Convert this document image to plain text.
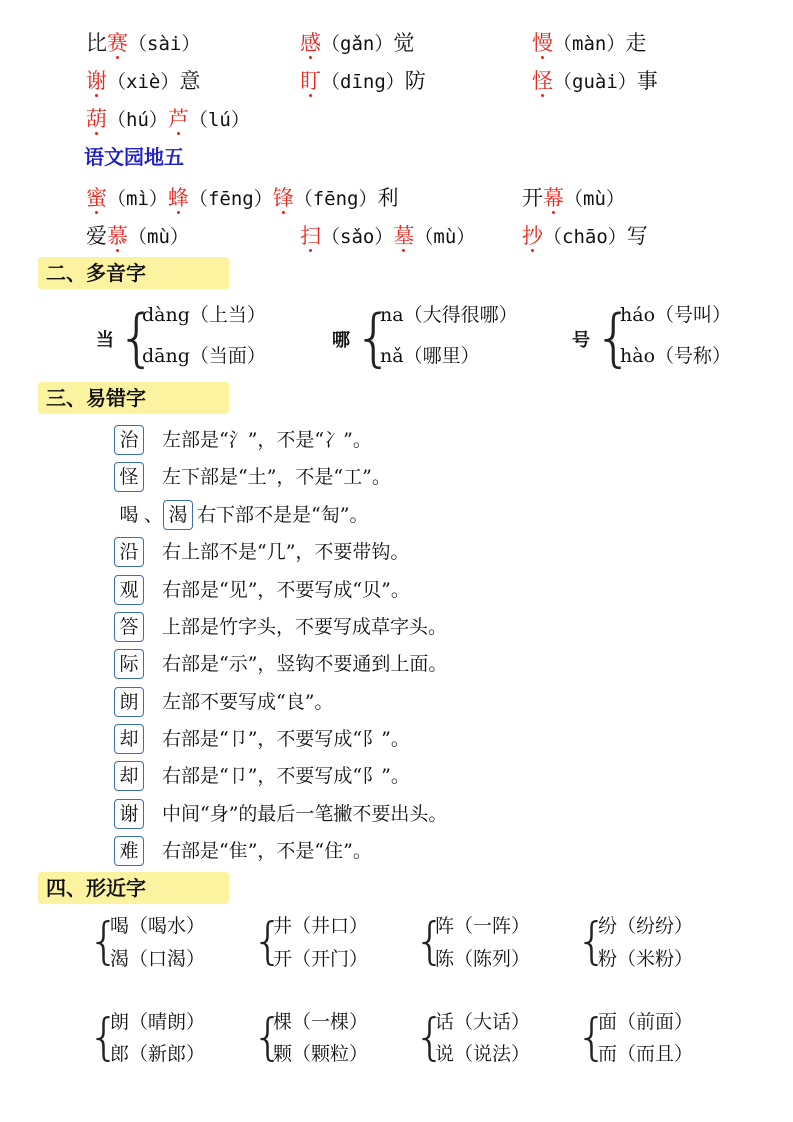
比赛（sài）	感（gǎn）觉	慢（màn）走
谢（xiè）意	盯（dīng）防	怪（guài）事
葫（hú）芦（lú）
语文园地五
蜜（mì）蜂（fēng）锋（fēng）利	开幕（mù）
爱慕（mù）	扫（sǎo）墓（mù） 抄（chāo）写
二、多音字
当 {
dàng（上当）
dāng（当面）
哪 {
na（大得很哪）
nǎ（哪里）
号 {
háo（号叫）
hào（号称）
三、易错字
治 左部是“氵”，不是“冫”。
怪 左下部是“土”，不是“工”。
喝 、 渴 右下部不是是“匋”。
沿 右上部不是“几”，不要带钩。
观 右部是“见”，不要写成“贝”。
答 上部是竹字头，不要写成草字头。
际 右部是“示”，竖钩不要通到上面。
朗 左部不要写成“良”。
却 右部是“卩”，不要写成“阝”。
却 右部是“卩”，不要写成“阝”。
谢 中间“身”的最后一笔撇不要出头。
难 右部是“隹”，不是“住”。
四、形近字
{
喝（喝水）
渴（口渴） {
井（井口）
开（开门） {
阵（一阵）
陈（陈列） {
纷（纷纷）
粉（米粉）
{
朗（晴朗）
郎（新郎） {
棵（一棵）
颗（颗粒） {
话（大话）
说（说法） {
面（前面）
而（而且）
